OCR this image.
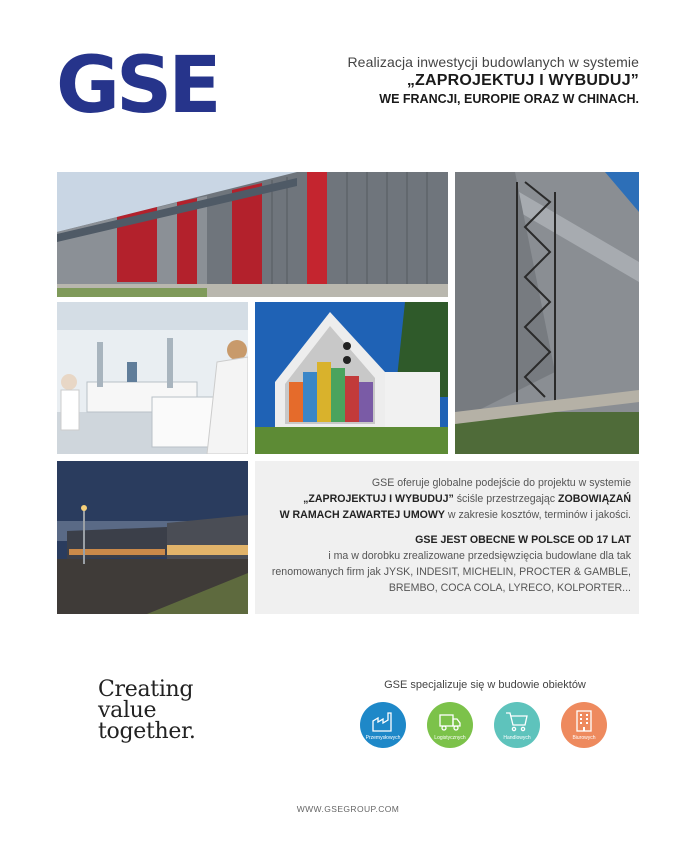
GSE	Realizacja inwestycji budowlanych w systemie
„ZAPROJEKTUJ I WYBUDUJ”
WE FRANCJI, EUROPIE ORAZ W CHINACH.
GSE oferuje globalne podejście do projektu w systemie
„ZAPROJEKTUJ I WYBUDUJ” ściśle przestrzegając ZOBOWIĄZAŃ
W RAMACH ZAWARTEJ UMOWY w zakresie kosztów, terminów i jakości.
GSE JEST OBECNE W POLSCE OD 17 LAT
i ma w dorobku zrealizowane przedsięwzięcia budowlane dla tak
renomowanych firm jak JYSK, INDESIT, MICHELIN, PROCTER & GAMBLE,
BREMBO, COCA COLA, LYRECO, KOLPORTER...
Creating
value
together.
GSE specjalizuje się w budowie obiektów
Przemysłowych	Logistycznych	Handlowych	Biurowych
WWW.GSEGROUP.COM
